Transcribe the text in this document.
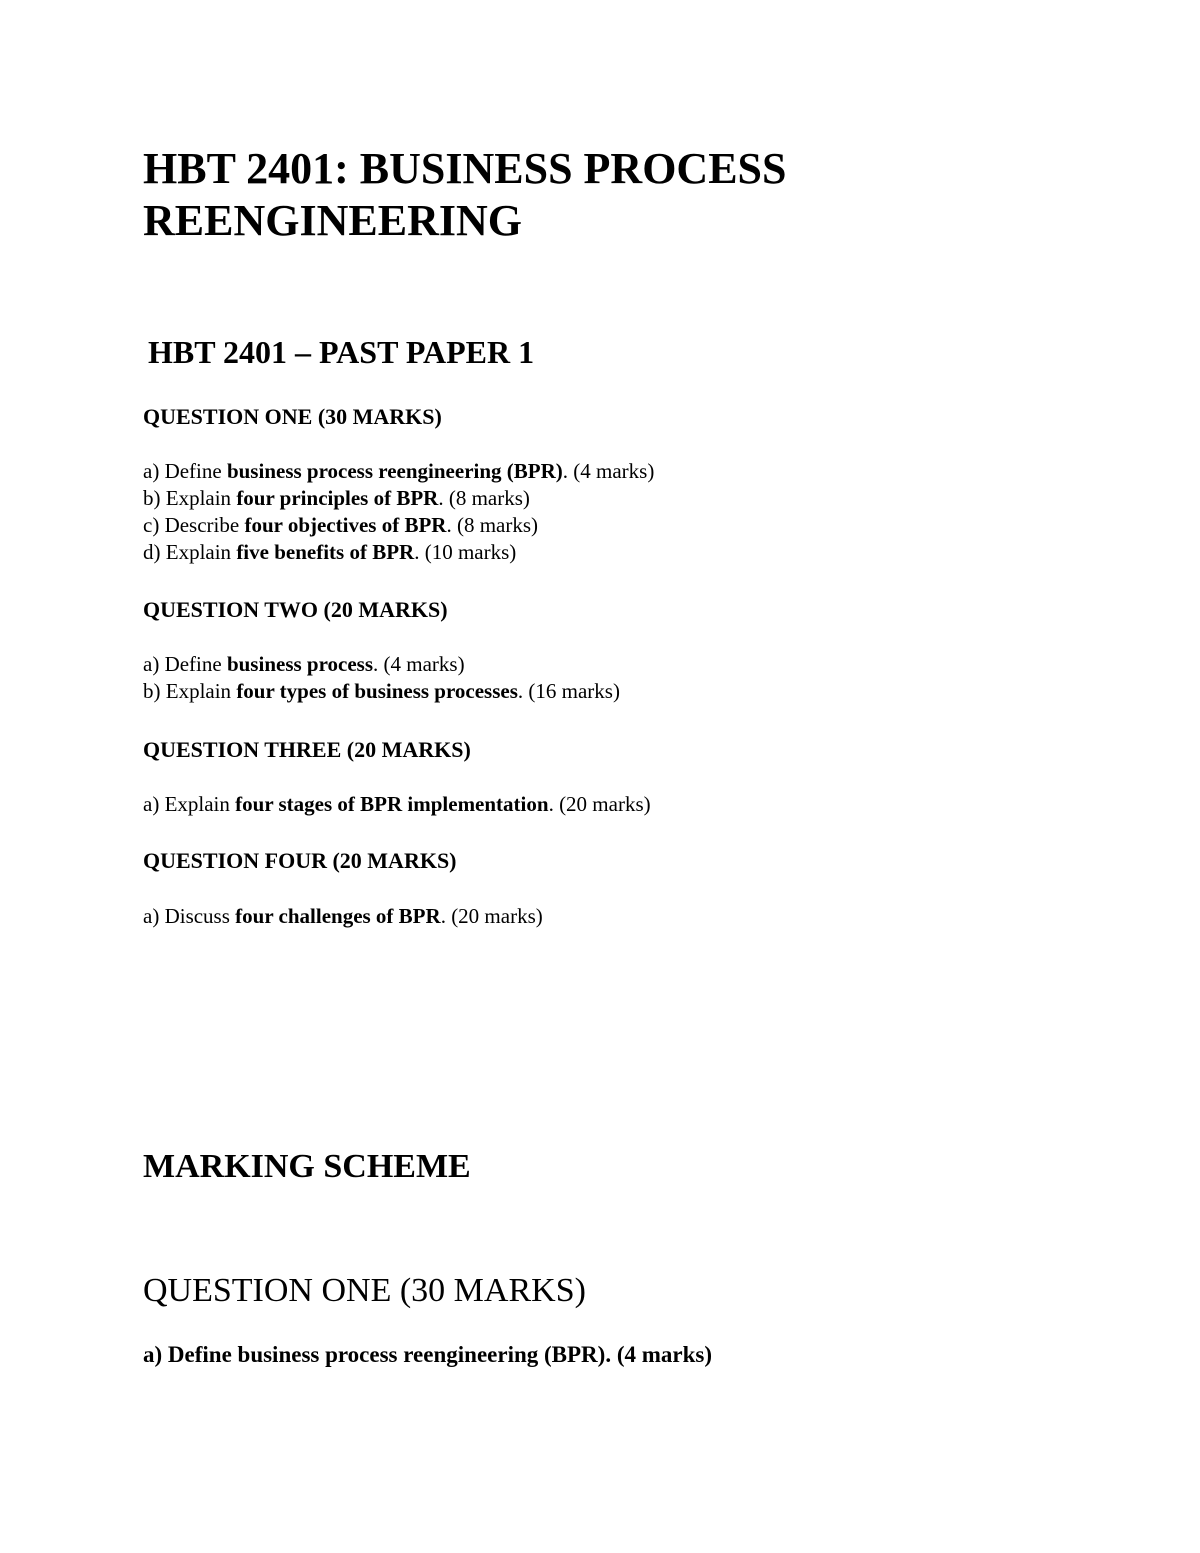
HBT 2401: BUSINESS PROCESS
REENGINEERING
HBT 2401 – PAST PAPER 1
QUESTION ONE (30 MARKS)
a) Define business process reengineering (BPR). (4 marks)
b) Explain four principles of BPR. (8 marks)
c) Describe four objectives of BPR. (8 marks)
d) Explain five benefits of BPR. (10 marks)
QUESTION TWO (20 MARKS)
a) Define business process. (4 marks)
b) Explain four types of business processes. (16 marks)
QUESTION THREE (20 MARKS)
a) Explain four stages of BPR implementation. (20 marks)
QUESTION FOUR (20 MARKS)
a) Discuss four challenges of BPR. (20 marks)
MARKING SCHEME
QUESTION ONE (30 MARKS)

a) Define business process reengineering (BPR). (4 marks)
